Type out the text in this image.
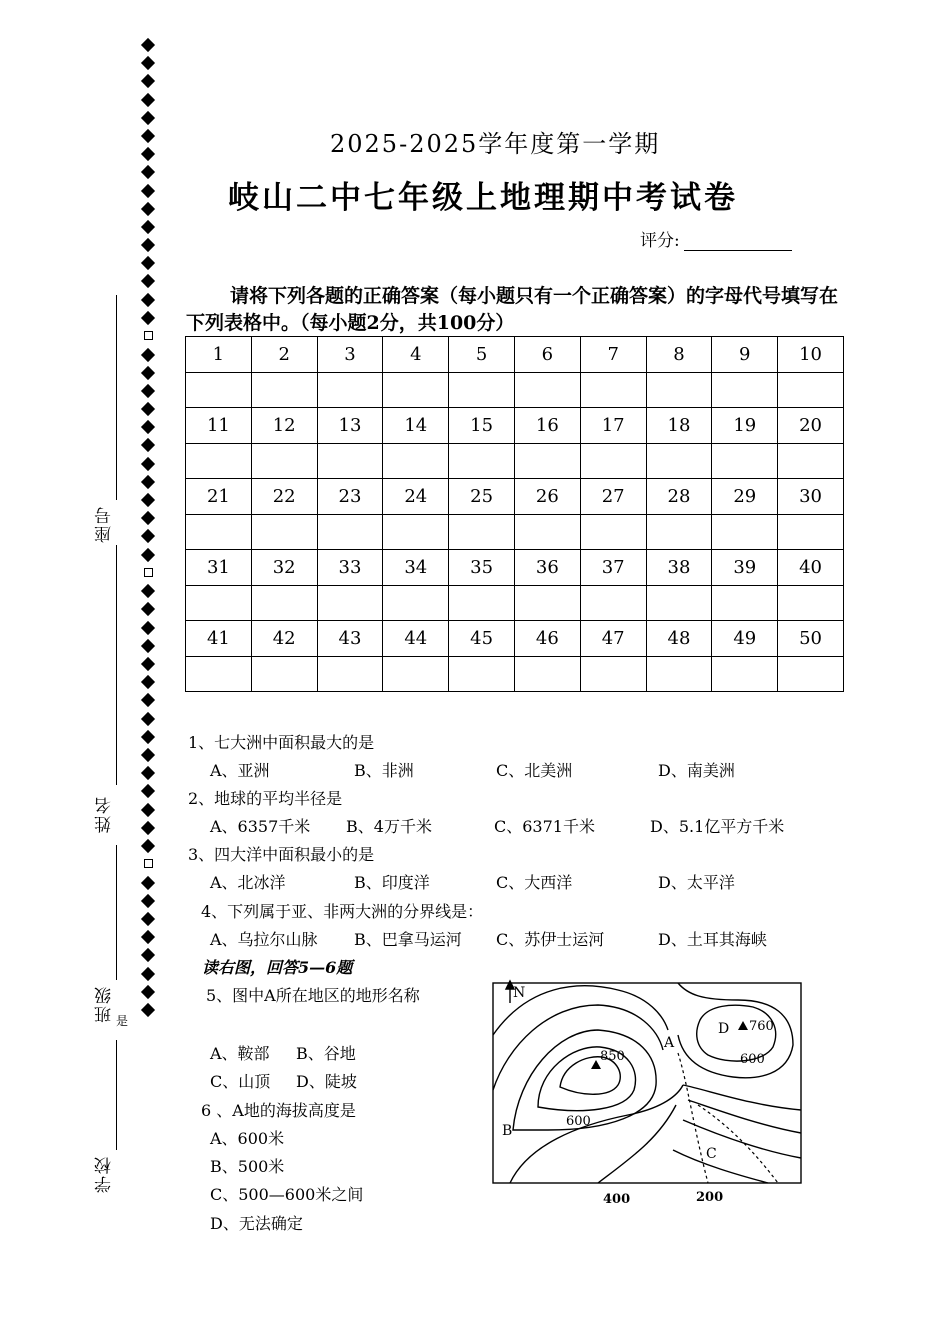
座号
姓名
班级 是
学校
2025-2025学年度第一学期
岐山二中七年级上地理期中考试卷
评分:
请将下列各题的正确答案（每小题只有一个正确答案）的字母代号填写在下列表格中。（每小题2分，共100分）
1	2	3	4	5	6	7	8	9	10

11	12	13	14	15	16	17	18	19	20

21	22	23	24	25	26	27	28	29	30

31	32	33	34	35	36	37	38	39	40

41	42	43	44	45	46	47	48	49	50

1、七大洲中面积最大的是
A、亚洲	B、非洲	C、北美洲	D、南美洲
2、地球的平均半径是
A、6357千米 B、4万千米	C、6371千米	D、5.1亿平方千米
3、四大洋中面积最小的是
A、北冰洋	B、印度洋	C、大西洋	D、太平洋
4、下列属于亚、非两大洲的分界线是：
A、乌拉尔山脉 B、巴拿马运河 C、苏伊士运河	D、土耳其海峡
读右图，回答5—6题
5、图中A所在地区的地形名称
A、鞍部 B、谷地
C、山顶 D、陡坡
6 、A地的海拔高度是
A、600米
B、500米
C、500—600米之间
D、无法确定
N
A
B
C
D
850
760
600
600
400	200
